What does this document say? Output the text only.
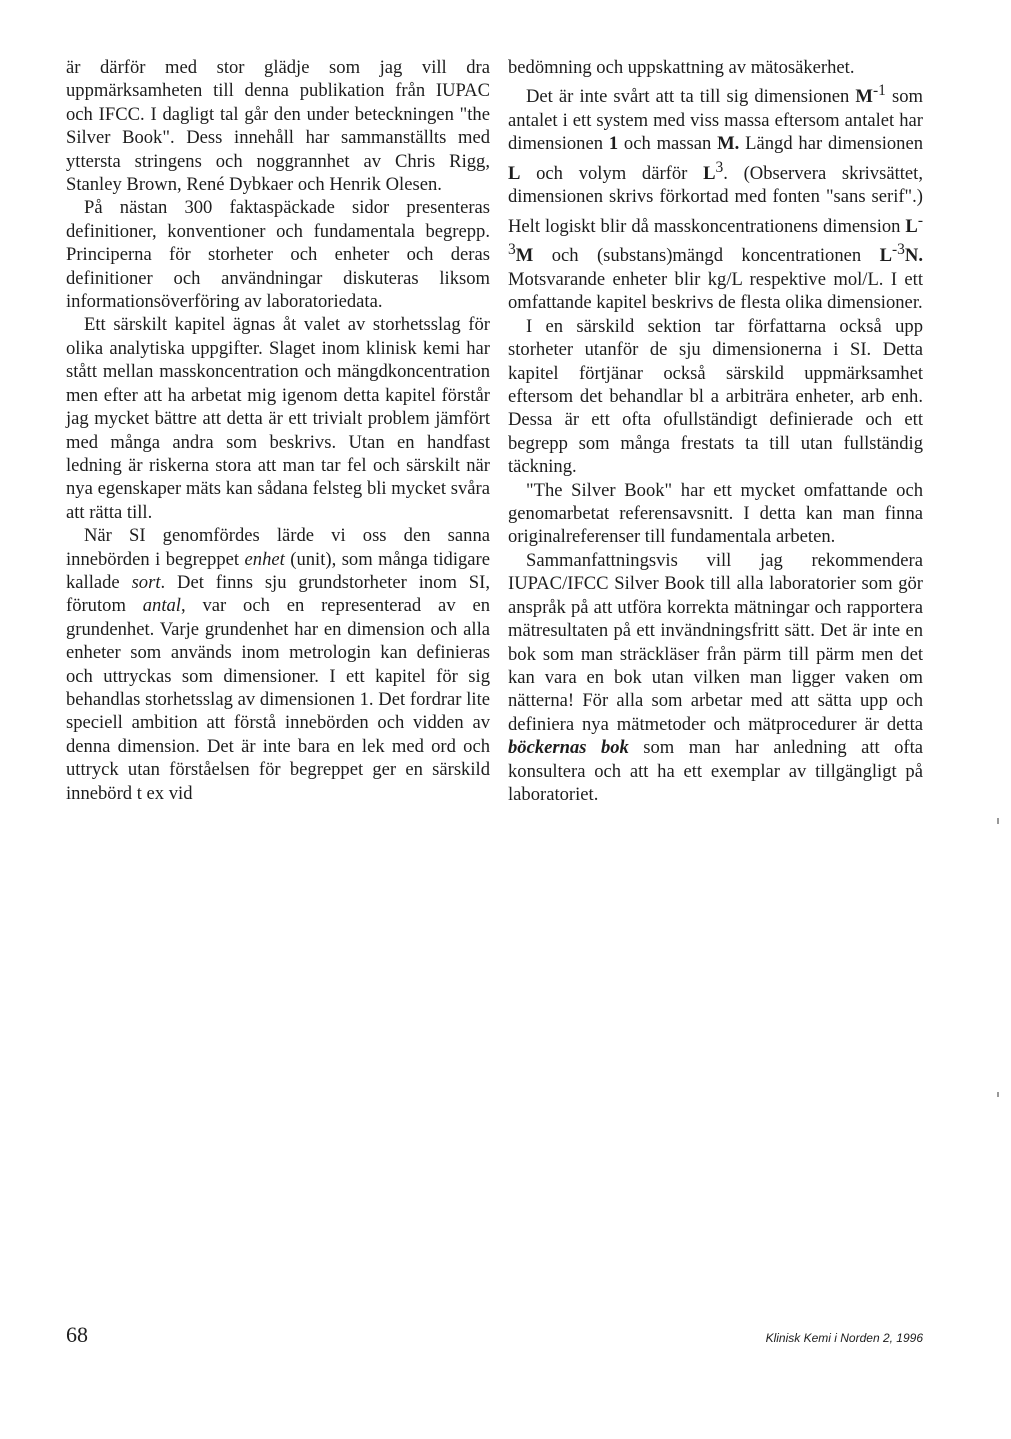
är därför med stor glädje som jag vill dra uppmärksamheten till denna publikation från IUPAC och IFCC. I dagligt tal går den under beteckningen "the Silver Book". Dess innehåll har sammanställts med yttersta stringens och noggrannhet av Chris Rigg, Stanley Brown, René Dybkaer och Henrik Olesen.

På nästan 300 faktaspäckade sidor presenteras definitioner, konventioner och fundamentala begrepp. Principerna för storheter och enheter och deras definitioner och användningar diskuteras liksom informationsöverföring av laboratoriedata.

Ett särskilt kapitel ägnas åt valet av storhetsslag för olika analytiska uppgifter. Slaget inom klinisk kemi har stått mellan masskoncentration och mängdkoncentration men efter att ha arbetat mig igenom detta kapitel förstår jag mycket bättre att detta är ett trivialt problem jämfört med många andra som beskrivs. Utan en handfast ledning är riskerna stora att man tar fel och särskilt när nya egenskaper mäts kan sådana felsteg bli mycket svåra att rätta till.

När SI genomfördes lärde vi oss den sanna innebörden i begreppet enhet (unit), som många tidigare kallade sort. Det finns sju grundstorheter inom SI, förutom antal, var och en representerad av en grundenhet. Varje grundenhet har en dimension och alla enheter som används inom metrologin kan definieras och uttryckas som dimensioner. I ett kapitel för sig behandlas storhetsslag av dimensionen 1. Det fordrar lite speciell ambition att förstå innebörden och vidden av denna dimension. Det är inte bara en lek med ord och uttryck utan förståelsen för begreppet ger en särskild innebörd t ex vid

bedömning och uppskattning av mätosäkerhet.

Det är inte svårt att ta till sig dimensionen $M^{-1}$ som antalet i ett system med viss massa eftersom antalet har dimensionen 1 och massan M. Längd har dimensionen L och volym därför $L^3$. (Observera skrivsättet, dimensionen skrivs förkortad med fonten "sans serif".) Helt logiskt blir då masskoncentrationens dimension $L^{-3}M$ och (substans)mängd koncentrationen $L^{-3}N$. Motsvarande enheter blir kg/L respektive mol/L. I ett omfattande kapitel beskrivs de flesta olika dimensioner.

I en särskild sektion tar författarna också upp storheter utanför de sju dimensionerna i SI. Detta kapitel förtjänar också särskild uppmärksamhet eftersom det behandlar bl a arbiträra enheter, arb enh. Dessa är ett ofta ofullständigt definierade och ett begrepp som många frestats ta till utan fullständig täckning.

"The Silver Book" har ett mycket omfattande och genomarbetat referensavsnitt. I detta kan man finna originalreferenser till fundamentala arbeten.

Sammanfattningsvis vill jag rekommendera IUPAC/IFCC Silver Book till alla laboratorier som gör anspråk på att utföra korrekta mätningar och rapportera mätresultaten på ett invändningsfritt sätt. Det är inte en bok som man sträckläser från pärm till pärm men det kan vara en bok utan vilken man ligger vaken om nätterna! För alla som arbetar med att sätta upp och definiera nya mätmetoder och mätprocedurer är detta böckernas bok som man har anledning att ofta konsultera och att ha ett exemplar av tillgängligt på laboratoriet.

68	Klinisk Kemi i Norden 2, 1996
